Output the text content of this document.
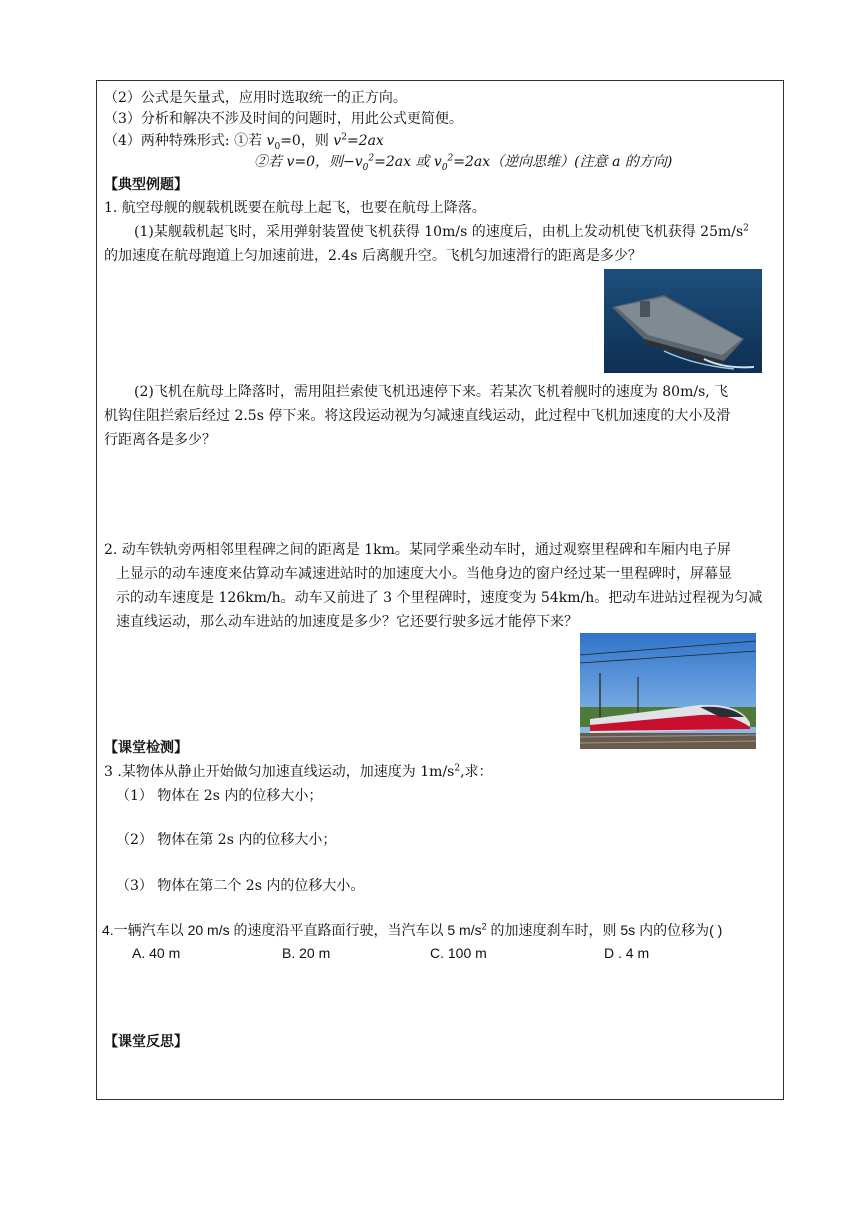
（2）公式是矢量式，应用时选取统一的正方向。
（3）分析和解决不涉及时间的问题时，用此公式更简便。
（4）两种特殊形式: ①若 $v_0=0$，则 $v^2=2ax$
②若 v=0，则$-v_0^2=2ax$ 或 $v_0^2=2ax$（逆向思维）(注意 a 的方向)
【典型例题】
1. 航空母舰的舰载机既要在航母上起飞，也要在航母上降落。
(1)某舰载机起飞时，采用弹射装置使飞机获得 10m/s 的速度后，由机上发动机使飞机获得 $25m/s^2$
的加速度在航母跑道上匀加速前进，2.4s 后离舰升空。飞机匀加速滑行的距离是多少？
(2)飞机在航母上降落时，需用阻拦索使飞机迅速停下来。若某次飞机着舰时的速度为 80m/s, 飞
机钩住阻拦索后经过 2.5s 停下来。将这段运动视为匀减速直线运动，此过程中飞机加速度的大小及滑
行距离各是多少？
2. 动车铁轨旁两相邻里程碑之间的距离是 1km。某同学乘坐动车时，通过观察里程碑和车厢内电子屏
上显示的动车速度来估算动车减速进站时的加速度大小。当他身边的窗户经过某一里程碑时，屏幕显
示的动车速度是 126km/h。动车又前进了 3 个里程碑时，速度变为 54km/h。把动车进站过程视为匀减
速直线运动，那么动车进站的加速度是多少？它还要行驶多远才能停下来？
【课堂检测】
3 .某物体从静止开始做匀加速直线运动，加速度为 $1m/s^2$,求：
（1） 物体在 2s 内的位移大小；
（2） 物体在第 2s 内的位移大小；
（3） 物体在第二个 2s 内的位移大小。
4.一辆汽车以 20 m/s 的速度沿平直路面行驶，当汽车以 5 $m/s^2$ 的加速度刹车时，则 5s 内的位移为( )
A. 40 m	B. 20 m	C. 100 m	D . 4 m
【课堂反思】
